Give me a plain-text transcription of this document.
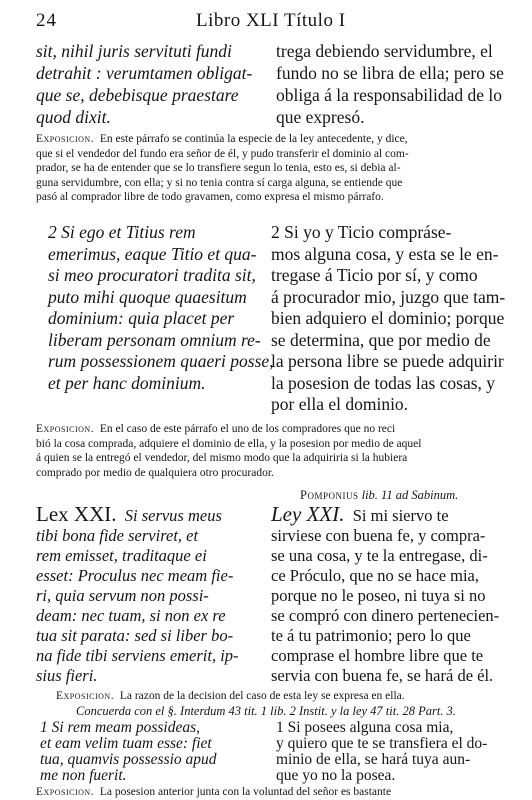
24	Libro XLI Título I
sit, nihil juris servituti fundi
detrahit : verumtamen obligat-
que se, debebisque praestare
quod dixit.
trega debiendo servidumbre, el
fundo no se libra de ella; pero se
obliga á la responsabilidad de lo
que expresó.
Exposicion. En este párrafo se continúa la especie de la ley antecedente, y dice,
que si el vendedor del fundo era señor de él, y pudo transferir el dominio al com-
prador, se ha de entender que se lo transfiere segun lo tenia, esto es, si debia al-
guna servidumbre, con ella; y si no tenia contra sí carga alguna, se entiende que
pasó al comprador libre de todo gravamen, como expresa el mismo párrafo.
2 Si ego et Titius rem
emerimus, eaque Titio et qua-
si meo procuratori tradita sit,
puto mihi quoque quaesitum
dominium: quia placet per
liberam personam omnium re-
rum possessionem quaeri posse,
et per hanc dominium.
2 Si yo y Ticio compráse-
mos alguna cosa, y esta se le en-
tregase á Ticio por sí, y como
á procurador mio, juzgo que tam-
bien adquiero el dominio; porque
se determina, que por medio de
la persona libre se puede adquirir
la posesion de todas las cosas, y
por ella el dominio.
Exposicion. En el caso de este párrafo el uno de los compradores que no reci
bió la cosa comprada, adquiere el dominio de ella, y la posesion por medio de aquel
á quien se la entregó el vendedor, del mismo modo que la adquiriria si la hubiera
comprado por medio de qualquiera otro procurador.
Pomponius lib. 11 ad Sabinum.
Lex XXI. Si servus meus
tibi bona fide serviret, et
rem emisset, traditaque ei
esset: Proculus nec meam fie-
ri, quia servum non possi-
deam: nec tuam, si non ex re
tua sit parata: sed si liber bo-
na fide tibi serviens emerit, ip-
sius fieri.
Ley XXI. Si mi siervo te
sirviese con buena fe, y compra-
se una cosa, y te la entregase, di-
ce Próculo, que no se hace mia,
porque no le poseo, ni tuya si no
se compró con dinero pertenecien-
te á tu patrimonio; pero lo que
comprase el hombre libre que te
servia con buena fe, se hará de él.
Exposicion. La razon de la decision del caso de esta ley se expresa en ella.
Concuerda con el §. Interdum 43 tit. 1 lib. 2 Instit. y la ley 47 tit. 28 Part. 3.
1 Si rem meam possideas,
et eam velim tuam esse: fiet
tua, quamvis possessio apud
me non fuerit.
1 Si posees alguna cosa mia,
y quiero que te se transfiera el do-
minio de ella, se hará tuya aun-
que yo no la posea.
Exposicion. La posesion anterior junta con la voluntad del señor es bastante
